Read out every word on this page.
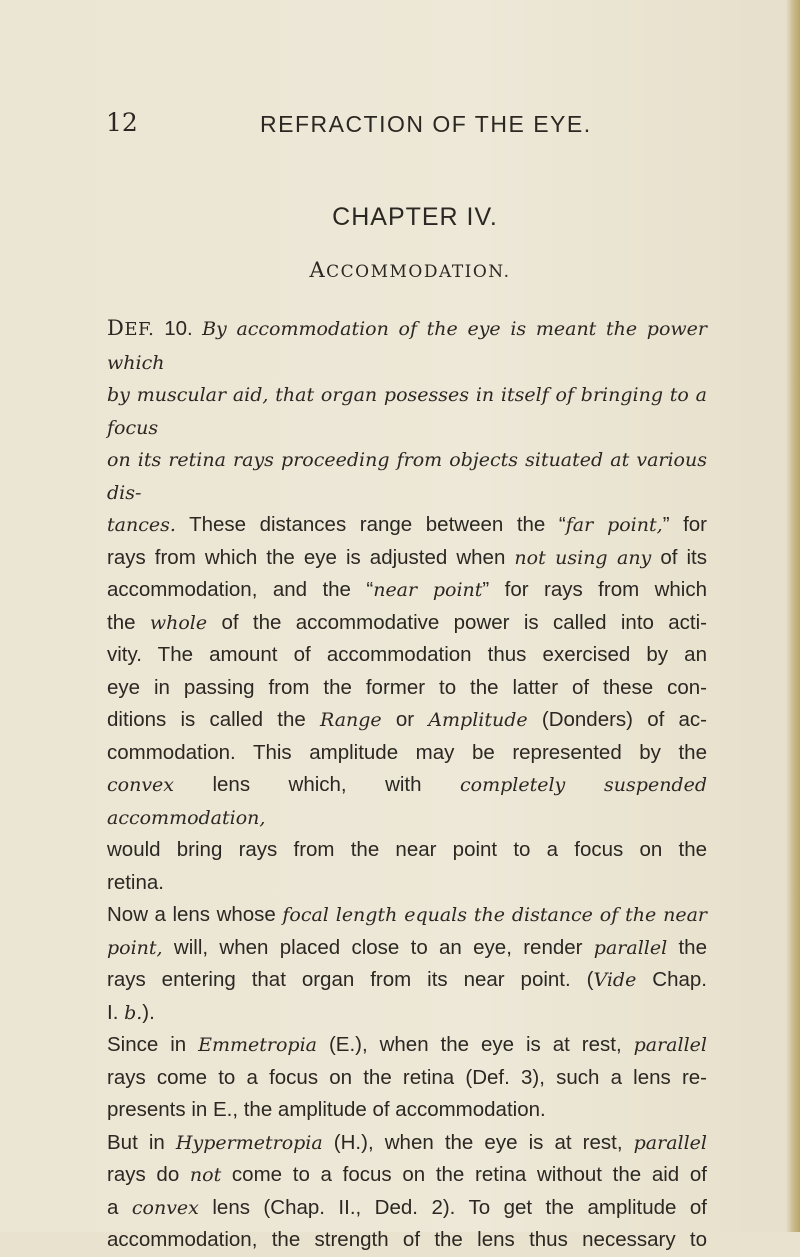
12	REFRACTION OF THE EYE.
CHAPTER IV.
ACCOMMODATION.
DEF. 10. By accommodation of the eye is meant the power which
by muscular aid, that organ posesses in itself of bringing to a focus
on its retina rays proceeding from objects situated at various dis-
tances. These distances range between the “far point,” for
rays from which the eye is adjusted when not using any of its
accommodation, and the “near point” for rays from which
the whole of the accommodative power is called into acti-
vity. The amount of accommodation thus exercised by an
eye in passing from the former to the latter of these con-
ditions is called the Range or Amplitude (Donders) of ac-
commodation. This amplitude may be represented by the
convex lens which, with completely suspended accommodation,
would bring rays from the near point to a focus on the
retina.
Now a lens whose focal length equals the distance of the near
point, will, when placed close to an eye, render parallel the
rays entering that organ from its near point. (Vide Chap.
I. b.).
Since in Emmetropia (E.), when the eye is at rest, parallel
rays come to a focus on the retina (Def. 3), such a lens re-
presents in E., the amplitude of accommodation.
But in Hypermetropia (H.), when the eye is at rest, parallel
rays do not come to a focus on the retina without the aid of
a convex lens (Chap. II., Ded. 2). To get the amplitude of
accommodation, the strength of the lens thus necessary to
